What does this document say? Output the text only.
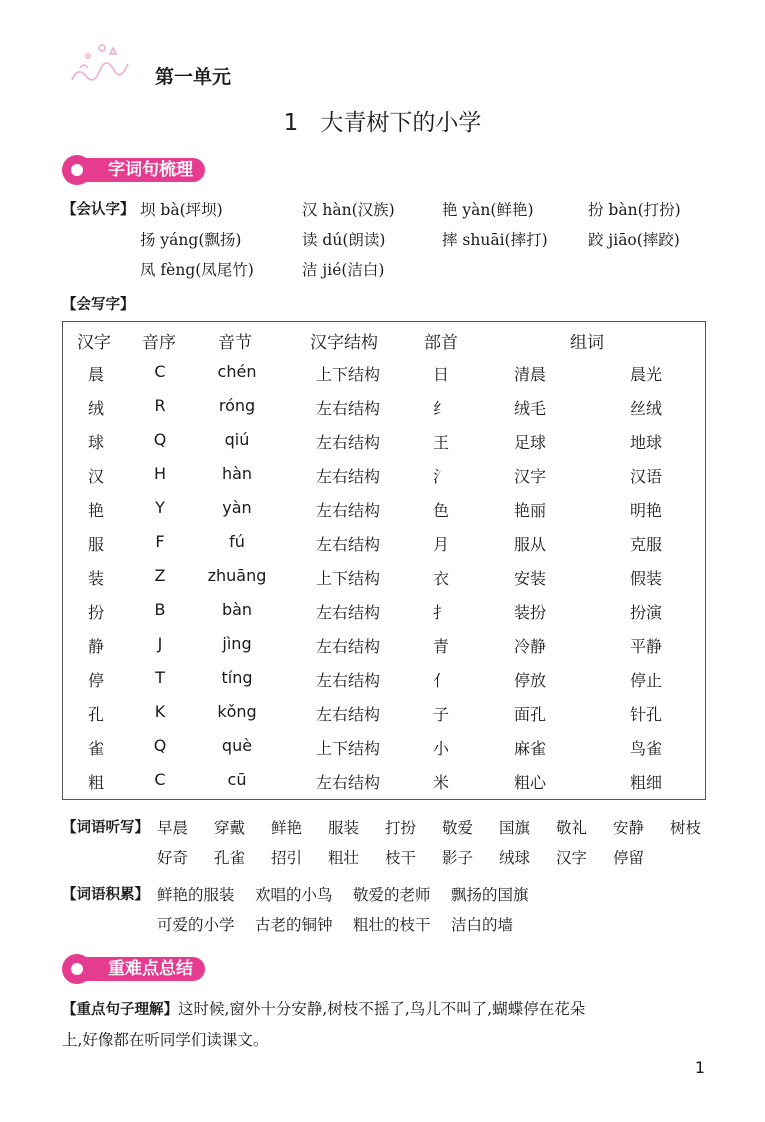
第一单元
1 大青树下的小学
字词句梳理
【会认字】 坝 bà(坪坝)	汉 hàn(汉族)	艳 yàn(鲜艳)	扮 bàn(打扮)
扬 yáng(飘扬)	读 dú(朗读)	摔 shuāi(摔打)	跤 jiāo(摔跤)
凤 fèng(凤尾竹)	洁 jié(洁白)
【会写字】
汉字 音序 音节	汉字结构	部首	组词
晨	C	chén	上下结构	日	清晨	晨光
绒	R	róng	左右结构	纟	绒毛	丝绒
球	Q	qiú	左右结构	王	足球	地球
汉	H	hàn	左右结构	氵	汉字	汉语
艳	Y	yàn	左右结构	色	艳丽	明艳
服	F	fú	左右结构	月	服从	克服
装	Z	zhuāng	上下结构	衣	安装	假装
扮	B	bàn	左右结构	扌	装扮	扮演
静	J	jìng	左右结构	青	冷静	平静
停	T	tíng	左右结构	亻	停放	停止
孔	K	kǒng	左右结构	子	面孔	针孔
雀	Q	què	上下结构	小	麻雀	鸟雀
粗	C	cū	左右结构	米	粗心	粗细
【词语听写】 早晨 穿戴 鲜艳 服装 打扮 敬爱 国旗 敬礼 安静 树枝
好奇 孔雀 招引 粗壮 枝干 影子 绒球 汉字 停留
【词语积累】 鲜艳的服装 欢唱的小鸟 敬爱的老师 飘扬的国旗
可爱的小学 古老的铜钟 粗壮的枝干 洁白的墙
重难点总结
【重点句子理解】这时候,窗外十分安静,树枝不摇了,鸟儿不叫了,蝴蝶停在花朵
上,好像都在听同学们读课文。
1
